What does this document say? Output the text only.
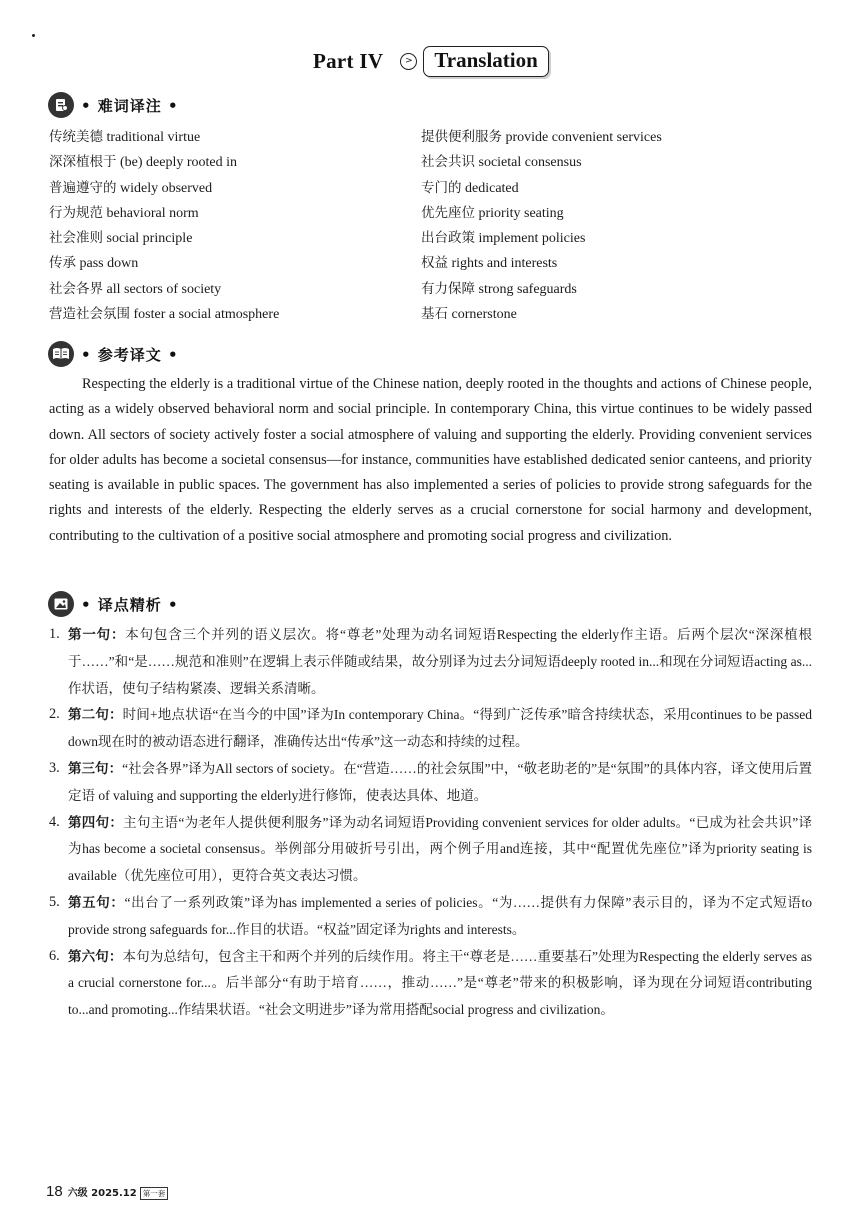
Part IV	>	Translation
• 难词译注 •
传统美德 traditional virtue
深深植根于 (be) deeply rooted in
普遍遵守的 widely observed
行为规范 behavioral norm
社会准则 social principle
传承 pass down
社会各界 all sectors of society
营造社会氛围 foster a social atmosphere
提供便利服务 provide convenient services
社会共识 societal consensus
专门的 dedicated
优先座位 priority seating
出台政策 implement policies
权益 rights and interests
有力保障 strong safeguards
基石 cornerstone
• 参考译文 •
Respecting the elderly is a traditional virtue of the Chinese nation, deeply rooted in the thoughts and actions of Chinese people, acting as a widely observed behavioral norm and social principle. In contemporary China, this virtue continues to be widely passed down. All sectors of society actively foster a social atmosphere of valuing and supporting the elderly. Providing convenient services for older adults has become a societal consensus—for instance, communities have established dedicated senior canteens, and priority seating is available in public spaces. The government has also implemented a series of policies to provide strong safeguards for the rights and interests of the elderly. Respecting the elderly serves as a crucial cornerstone for social harmony and development, contributing to the cultivation of a positive social atmosphere and promoting social progress and civilization.
• 译点精析 •
1. 第一句：本句包含三个并列的语义层次。将“尊老”处理为动名词短语Respecting the elderly作主语。后两个层次“深深植根于……”和“是……规范和准则”在逻辑上表示伴随或结果，故分别译为过去分词短语deeply rooted in...和现在分词短语acting as...作状语，使句子结构紧凑、逻辑关系清晰。
2. 第二句：时间+地点状语“在当今的中国”译为In contemporary China。“得到广泛传承”暗含持续状态，采用continues to be passed down现在时的被动语态进行翻译，准确传达出“传承”这一动态和持续的过程。
3. 第三句：“社会各界”译为All sectors of society。在“营造……的社会氛围”中，“敬老助老的”是“氛围”的具体内容，译文使用后置定语 of valuing and supporting the elderly进行修饰，使表达具体、地道。
4. 第四句：主句主语“为老年人提供便利服务”译为动名词短语Providing convenient services for older adults。“已成为社会共识”译为has become a societal consensus。举例部分用破折号引出，两个例子用and连接，其中“配置优先座位”译为priority seating is available（优先座位可用），更符合英文表达习惯。
5. 第五句：“出台了一系列政策”译为has implemented a series of policies。“为……提供有力保障”表示目的，译为不定式短语to provide strong safeguards for...作目的状语。“权益”固定译为rights and interests。
6. 第六句：本句为总结句，包含主干和两个并列的后续作用。将主干“尊老是……重要基石”处理为Respecting the elderly serves as a crucial cornerstone for...。后半部分“有助于培育……，推动……”是“尊老”带来的积极影响，译为现在分词短语contributing to...and promoting...作结果状语。“社会文明进步”译为常用搭配social progress and civilization。
18 六级 2025.12 第一套
